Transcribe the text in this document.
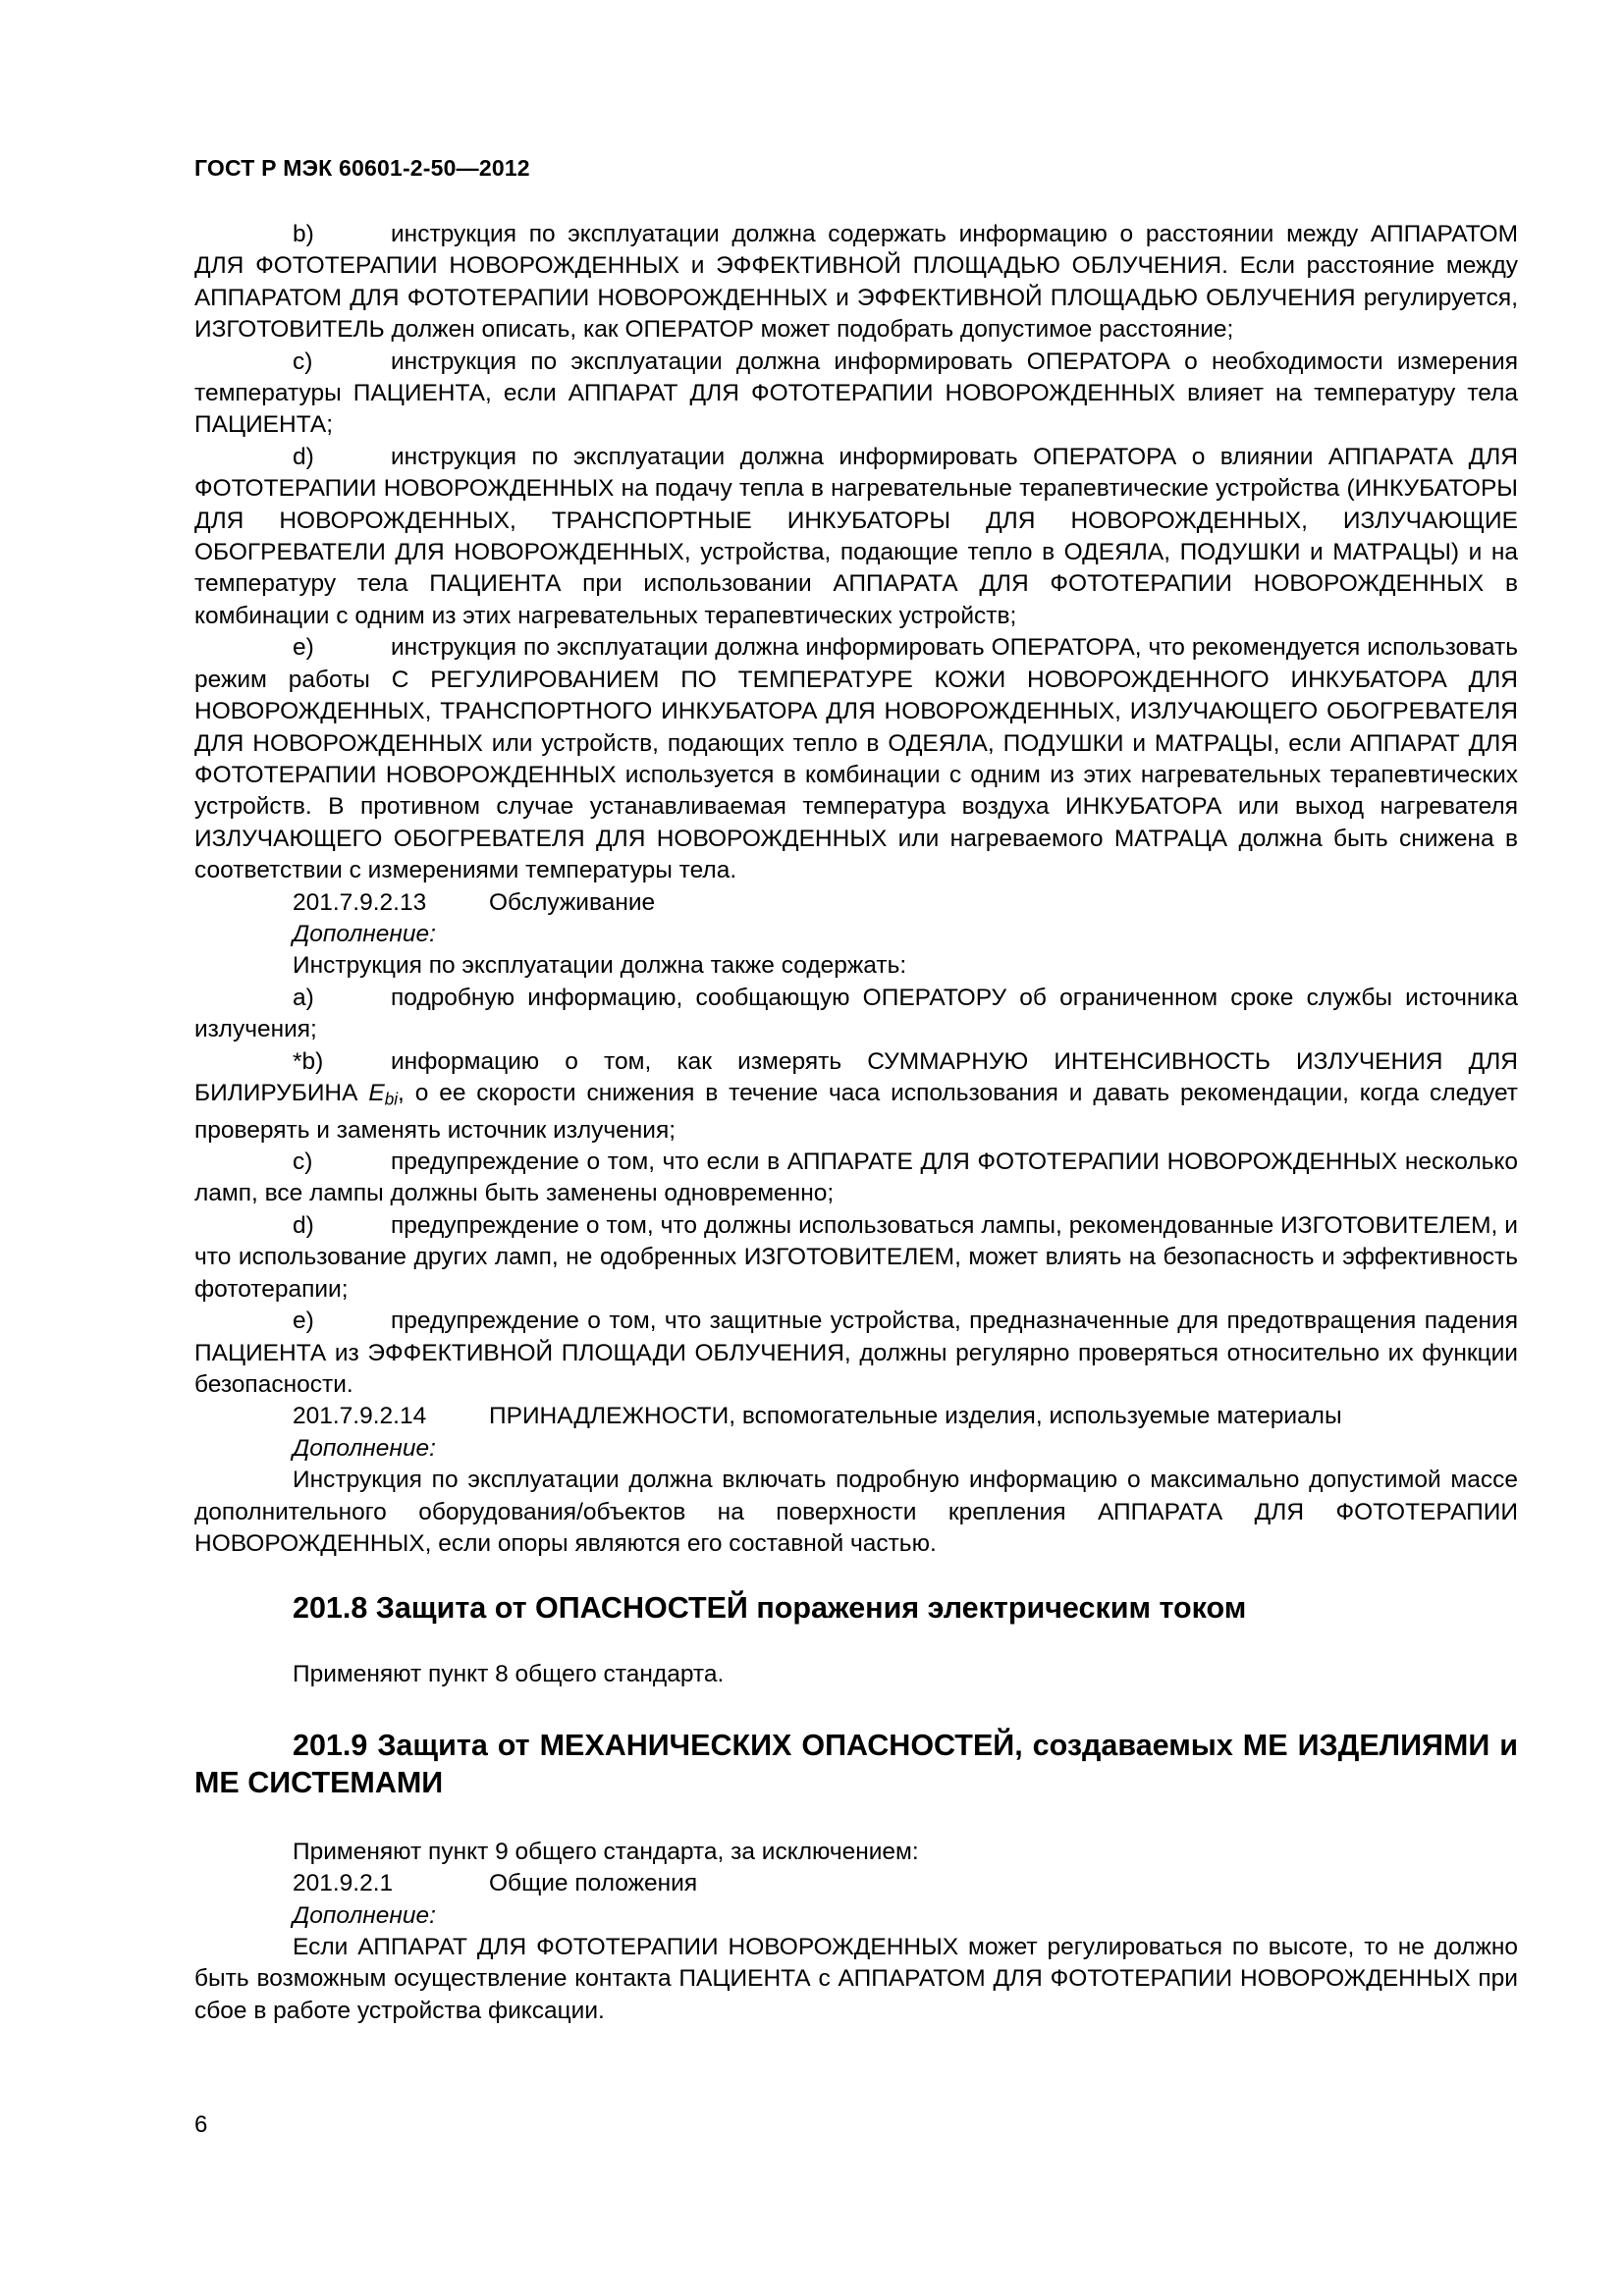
ГОСТ Р МЭК 60601-2-50—2012

b)	инструкция по эксплуатации должна содержать информацию о расстоянии между АППАРАТОМ ДЛЯ ФОТОТЕРАПИИ НОВОРОЖДЕННЫХ и ЭФФЕКТИВНОЙ ПЛОЩАДЬЮ ОБЛУЧЕНИЯ. Если расстояние между АППАРАТОМ ДЛЯ ФОТОТЕРАПИИ НОВОРОЖДЕННЫХ и ЭФФЕКТИВНОЙ ПЛОЩАДЬЮ ОБЛУЧЕНИЯ регулируется, ИЗГОТОВИТЕЛЬ должен описать, как ОПЕРАТОР может подобрать допустимое расстояние;

c)	инструкция по эксплуатации должна информировать ОПЕРАТОРА о необходимости измерения температуры ПАЦИЕНТА, если АППАРАТ ДЛЯ ФОТОТЕРАПИИ НОВОРОЖДЕННЫХ влияет на температуру тела ПАЦИЕНТА;

d)	инструкция по эксплуатации должна информировать ОПЕРАТОРА о влиянии АППАРАТА ДЛЯ ФОТОТЕРАПИИ НОВОРОЖДЕННЫХ на подачу тепла в нагревательные терапевтические устройства (ИНКУБАТОРЫ ДЛЯ НОВОРОЖДЕННЫХ, ТРАНСПОРТНЫЕ ИНКУБАТОРЫ ДЛЯ НОВОРОЖДЕННЫХ, ИЗЛУЧАЮЩИЕ ОБОГРЕВАТЕЛИ ДЛЯ НОВОРОЖДЕННЫХ, устройства, подающие тепло в ОДЕЯЛА, ПОДУШКИ и МАТРАЦЫ) и на температуру тела ПАЦИЕНТА при использовании АППАРАТА ДЛЯ ФОТОТЕРАПИИ НОВОРОЖДЕННЫХ в комбинации с одним из этих нагревательных терапевтических устройств;

e)	инструкция по эксплуатации должна информировать ОПЕРАТОРА, что рекомендуется использовать режим работы С РЕГУЛИРОВАНИЕМ ПО ТЕМПЕРАТУРЕ КОЖИ НОВОРОЖДЕННОГО ИНКУБАТОРА ДЛЯ НОВОРОЖДЕННЫХ, ТРАНСПОРТНОГО ИНКУБАТОРА ДЛЯ НОВОРОЖДЕННЫХ, ИЗЛУЧАЮЩЕГО ОБОГРЕВАТЕЛЯ ДЛЯ НОВОРОЖДЕННЫХ или устройств, подающих тепло в ОДЕЯЛА, ПОДУШКИ и МАТРАЦЫ, если АППАРАТ ДЛЯ ФОТОТЕРАПИИ НОВОРОЖДЕННЫХ используется в комбинации с одним из этих нагревательных терапевтических устройств. В противном случае устанавливаемая температура воздуха ИНКУБАТОРА или выход нагревателя ИЗЛУЧАЮЩЕГО ОБОГРЕВАТЕЛЯ ДЛЯ НОВОРОЖДЕННЫХ или нагреваемого МАТРАЦА должна быть снижена в соответствии с измерениями температуры тела.

201.7.9.2.13	Обслуживание

Дополнение:

Инструкция по эксплуатации должна также содержать:

a)	подробную информацию, сообщающую ОПЕРАТОРУ об ограниченном сроке службы источника излучения;

*b)	информацию о том, как измерять СУММАРНУЮ ИНТЕНСИВНОСТЬ ИЗЛУЧЕНИЯ ДЛЯ БИЛИРУБИНА $E_{bi}$, о ее скорости снижения в течение часа использования и давать рекомендации, когда следует проверять и заменять источник излучения;

c)	предупреждение о том, что если в АППАРАТЕ ДЛЯ ФОТОТЕРАПИИ НОВОРОЖДЕННЫХ несколько ламп, все лампы должны быть заменены одновременно;

d)	предупреждение о том, что должны использоваться лампы, рекомендованные ИЗГОТОВИТЕЛЕМ, и что использование других ламп, не одобренных ИЗГОТОВИТЕЛЕМ, может влиять на безопасность и эффективность фототерапии;

e)	предупреждение о том, что защитные устройства, предназначенные для предотвращения падения ПАЦИЕНТА из ЭФФЕКТИВНОЙ ПЛОЩАДИ ОБЛУЧЕНИЯ, должны регулярно проверяться относительно их функции безопасности.

201.7.9.2.14	ПРИНАДЛЕЖНОСТИ, вспомогательные изделия, используемые материалы

Дополнение:

Инструкция по эксплуатации должна включать подробную информацию о максимально допустимой массе дополнительного оборудования/объектов на поверхности крепления АППАРАТА ДЛЯ ФОТОТЕРАПИИ НОВОРОЖДЕННЫХ, если опоры являются его составной частью.

201.8 Защита от ОПАСНОСТЕЙ поражения электрическим током

Применяют пункт 8 общего стандарта.

201.9 Защита от МЕХАНИЧЕСКИХ ОПАСНОСТЕЙ, создаваемых МЕ ИЗДЕЛИЯМИ и МЕ СИСТЕМАМИ

Применяют пункт 9 общего стандарта, за исключением:

201.9.2.1	Общие положения

Дополнение:

Если АППАРАТ ДЛЯ ФОТОТЕРАПИИ НОВОРОЖДЕННЫХ может регулироваться по высоте, то не должно быть возможным осуществление контакта ПАЦИЕНТА с АППАРАТОМ ДЛЯ ФОТОТЕРАПИИ НОВОРОЖДЕННЫХ при сбое в работе устройства фиксации.

6
